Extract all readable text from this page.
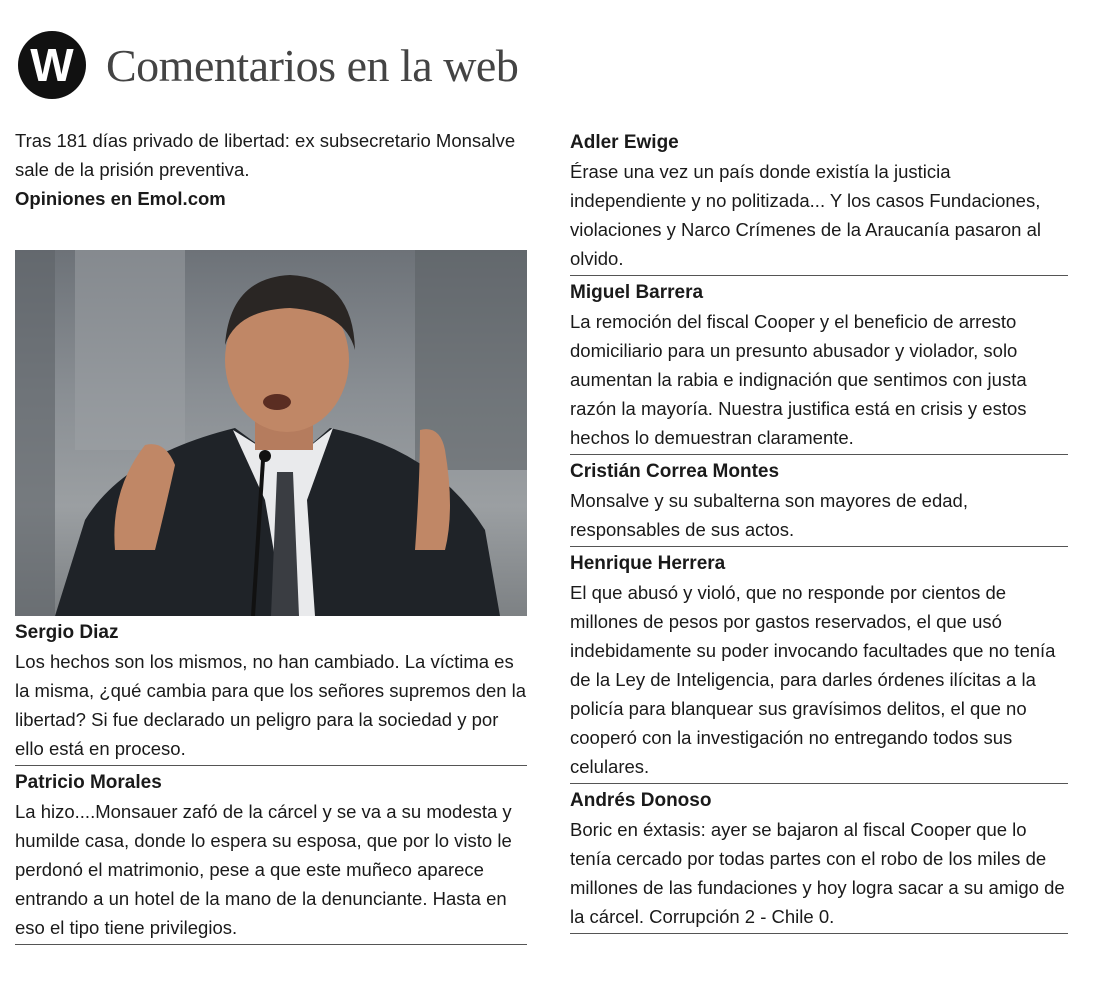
W Comentarios en la web

Tras 181 días privado de libertad: ex subsecretario Monsalve sale de la prisión preventiva.
Opiniones en Emol.com

Sergio Diaz

Los hechos son los mismos, no han cambiado. La víctima es la misma, ¿qué cambia para que los señores supremos den la libertad? Si fue declarado un peligro para la sociedad y por ello está en proceso.

Patricio Morales

La hizo....Monsauer zafó de la cárcel y se va a su modesta y humilde casa, donde lo espera su esposa, que por lo visto le perdonó el matrimonio, pese a que este muñeco aparece entrando a un hotel de la mano de la denunciante. Hasta en eso el tipo tiene privilegios.

Adler Ewige

Érase una vez un país donde existía la justicia independiente y no politizada... Y los casos Fundaciones, violaciones y Narco Crímenes de la Araucanía pasaron al olvido.

Miguel Barrera

La remoción del fiscal Cooper y el beneficio de arresto domiciliario para un presunto abusador y violador, solo aumentan la rabia e indignación que sentimos con justa razón la mayoría. Nuestra justifica está en crisis y estos hechos lo demuestran claramente.

Cristián Correa Montes

Monsalve y su subalterna son mayores de edad, responsables de sus actos.

Henrique Herrera

El que abusó y violó, que no responde por cientos de millones de pesos por gastos reservados, el que usó indebidamente su poder invocando facultades que no tenía de la Ley de Inteligencia, para darles órdenes ilícitas a la policía para blanquear sus gravísimos delitos, el que no cooperó con la investigación no entregando todos sus celulares.

Andrés Donoso

Boric en éxtasis: ayer se bajaron al fiscal Cooper que lo tenía cercado por todas partes con el robo de los miles de millones de las fundaciones y hoy logra sacar a su amigo de la cárcel. Corrupción 2 - Chile 0.
